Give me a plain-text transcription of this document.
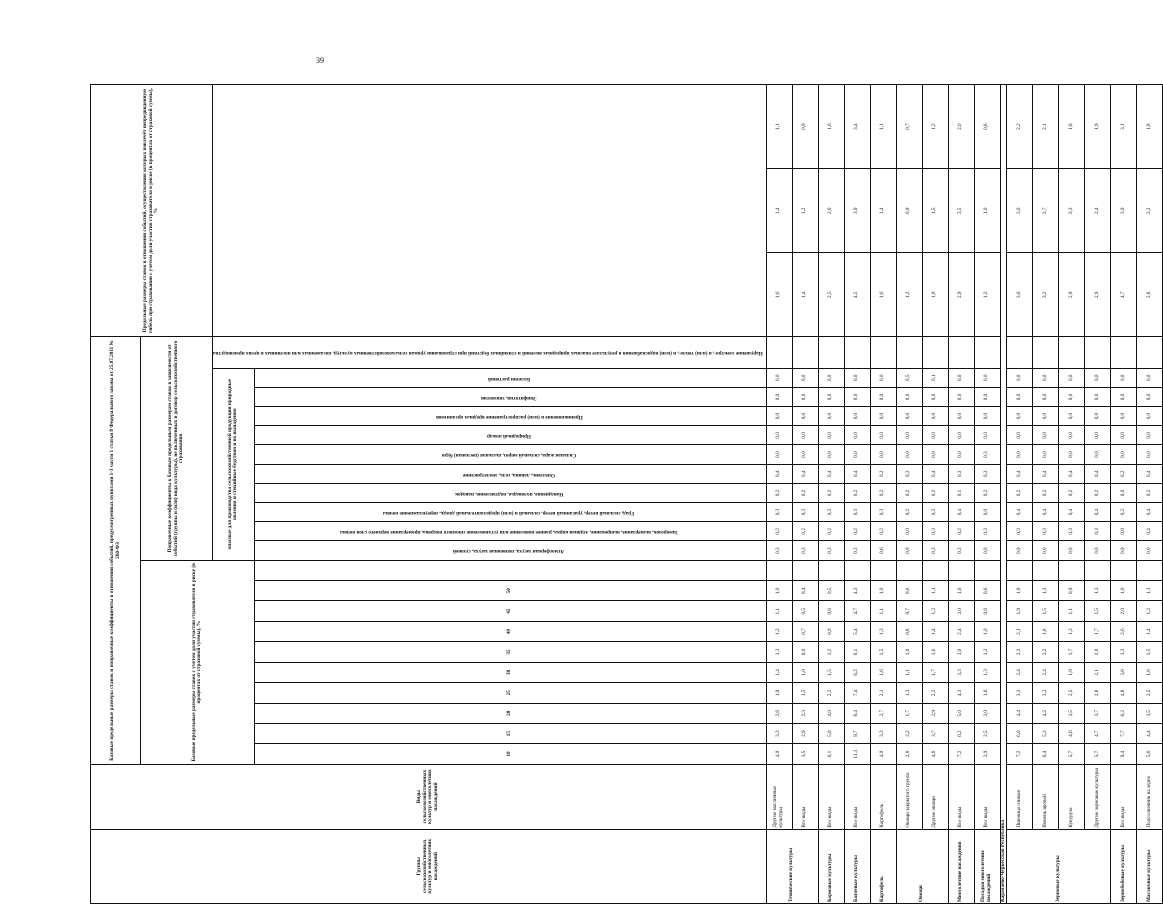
39
Группы сельскохозяйственных культур и многолетних насаждений	Виды сельскохозяйственных культур и многолетних насаждений	Базовые предельные размеры ставок и поправочные коэффициенты в отношении событий, предусмотренных пунктами 1-3 части 1 статьи 8 Федерального закона от 25.07.2011 № 260-ФЗ																					Предельные размеры ставок в отношении событий, осуществления которых повлечёт непредвиденную гибель при страховании с учетом доли участия страхователя в риске (в процентах от страховой суммы), %		
		Базовые предельные размеры ставок с учетом доли участия страхователя в риске (в процентах от страховой суммы), %										Поправочные коэффициенты к базовым предельным размерам ставок в зависимости от событий (группы и (или) вида культуры), не включенных в договор сельскохозяйственного страхования													
												опасные для производства сельскохозяйственной продукции природные явления и стихийные бедствия и их выпадения										Нарушение электро-, и (или) тепло-, и (или) водоснабжения в результате опасных природных явлений и стихийных бедствий при страховании урожая сельскохозяйственных культур, посаженных или посеянных в целях производства			
		10	15	20	25	30	35	40	45	50		Атмосферная засуха, почвенная засуха, суховей	Заморозок, вымерзание, выпревание, ледяная корка, раннее появление или установление снежного покрова, промерзание верхнего слоя почвы	Град, сильный ветер, ураганный ветер, сильный и (или) продолжительный дождь, переувлажнение почвы	Наводнение, половодье, подтопление, паводок	Оползень, лавина, сель, землетрясение	Сильная жара, сильный мороз, пыльная (песчаная) буря	Природный пожар	Проникновение и (или) распространение вредных организмов	Эпифитотия, эпизоотия	Болезни растений				
Технические культуры	Другие масличные культуры	4,0	3,3	2,6	1,9	1,4	1,3	1,2	1,1	1,0		0,3	0,2	0,3	0,2	0,4	0,0	0,0	0,0	0,0	0,0		1,6	1,4	1,1
	Все виды	3,5	2,9	2,3	1,5	1,0	0,9	0,7	0,5	0,4		0,3	0,2	0,3	0,2	0,4	0,0	0,0	0,0	0,0	0,0		1,4	1,2	0,9
Кормовые культуры	Все виды	6,1	5,0	4,0	2,2	1,5	1,2	0,9	0,6	0,5		0,3	0,2	0,3	0,2	0,4	0,0	0,0	0,0	0,0	0,0		2,5	2,0	1,6
Бахчевые культуры	Все виды	11,1	9,7	8,4	7,4	6,2	6,1	5,4	4,7	4,3		0,3	0,2	0,3	0,2	0,4	0,0	0,0	0,0	0,0	0,0		4,5	3,9	3,4
Картофель	Картофель	4,0	3,3	2,7	2,1	1,6	1,5	1,3	1,1	1,0		0,6	0,2	0,3	0,2	0,2	0,0	0,0	0,0	0,0	0,0		1,6	1,4	1,1
Овощи	Овощи закрытого грунта	2,8	2,2	1,7	1,3	1,1	1,0	0,8	0,7	0,6		0,0	0,0	0,2	0,2	0,3	0,0	0,0	0,0	0,0	0,5		1,2	0,9	0,7
	Другие овощи	4,6	3,7	2,9	2,2	1,7	1,6	1,4	1,2	1,1		0,3	0,3	0,3	0,2	0,4	0,0	0,0	0,0	0,0	0,1		1,9	1,5	1,2
Многолетние насаждения	Все виды	7,2	6,2	5,0	4,1	3,3	3,0	2,4	2,0	1,6		0,3	0,2	0,4	0,1	0,3	0,0	0,0	0,0	0,0	0,0		2,9	2,5	2,0
Посадки многолетних насаждений	Все виды	2,9	2,5	2,0	1,6	1,3	1,2	1,0	0,8	0,6		0,0	0,3	0,0	0,2	0,3	0,3	0,0	0,0	0,0	0,0		1,2	1,0	0,8
Карачаево-Черкесская Республика																									
Зерновые культуры	Пшеница озимая	7,2	6,0	4,4	3,3	2,4	2,3	2,1	1,9	1,8		0,0	0,3	0,4	0,2	0,4	0,0	0,0	0,0	0,0	0,0		3,6	3,0	2,2
	Ячмень яровой	6,4	5,3	4,2	3,2	2,4	2,2	1,8	1,5	1,3		0,0	0,3	0,4	0,2	0,4	0,0	0,0	0,0	0,0	0,0		3,2	2,7	2,1
	Кукуруза	5,7	4,6	3,5	2,5	1,9	1,7	1,3	1,1	0,9		0,0	0,3	0,4	0,2	0,4	0,0	0,0	0,0	0,0	0,0		2,9	2,3	1,8
	Другие зерновые культуры	5,7	4,7	3,7	2,8	2,1	2,0	1,7	1,5	1,3		0,0	0,3	0,4	0,2	0,4	0,0	0,0	0,0	0,0	0,0		2,9	2,4	1,9
Зернобобовые культуры	Все виды	9,4	7,7	6,2	4,8	3,6	3,3	2,6	2,0	1,6		0,0	0,9	0,2	0,0	0,2	0,0	0,0	0,0	0,0	0,0		4,7	3,9	3,1
Масличные культуры	Подсолнечник на зерно	5,6	4,4	3,5	2,5	1,6	1,5	1,4	1,2	1,1		0,0	0,4	0,4	0,2	0,4	0,0	0,0	0,0	0,0	0,0		2,8	2,2	1,8
